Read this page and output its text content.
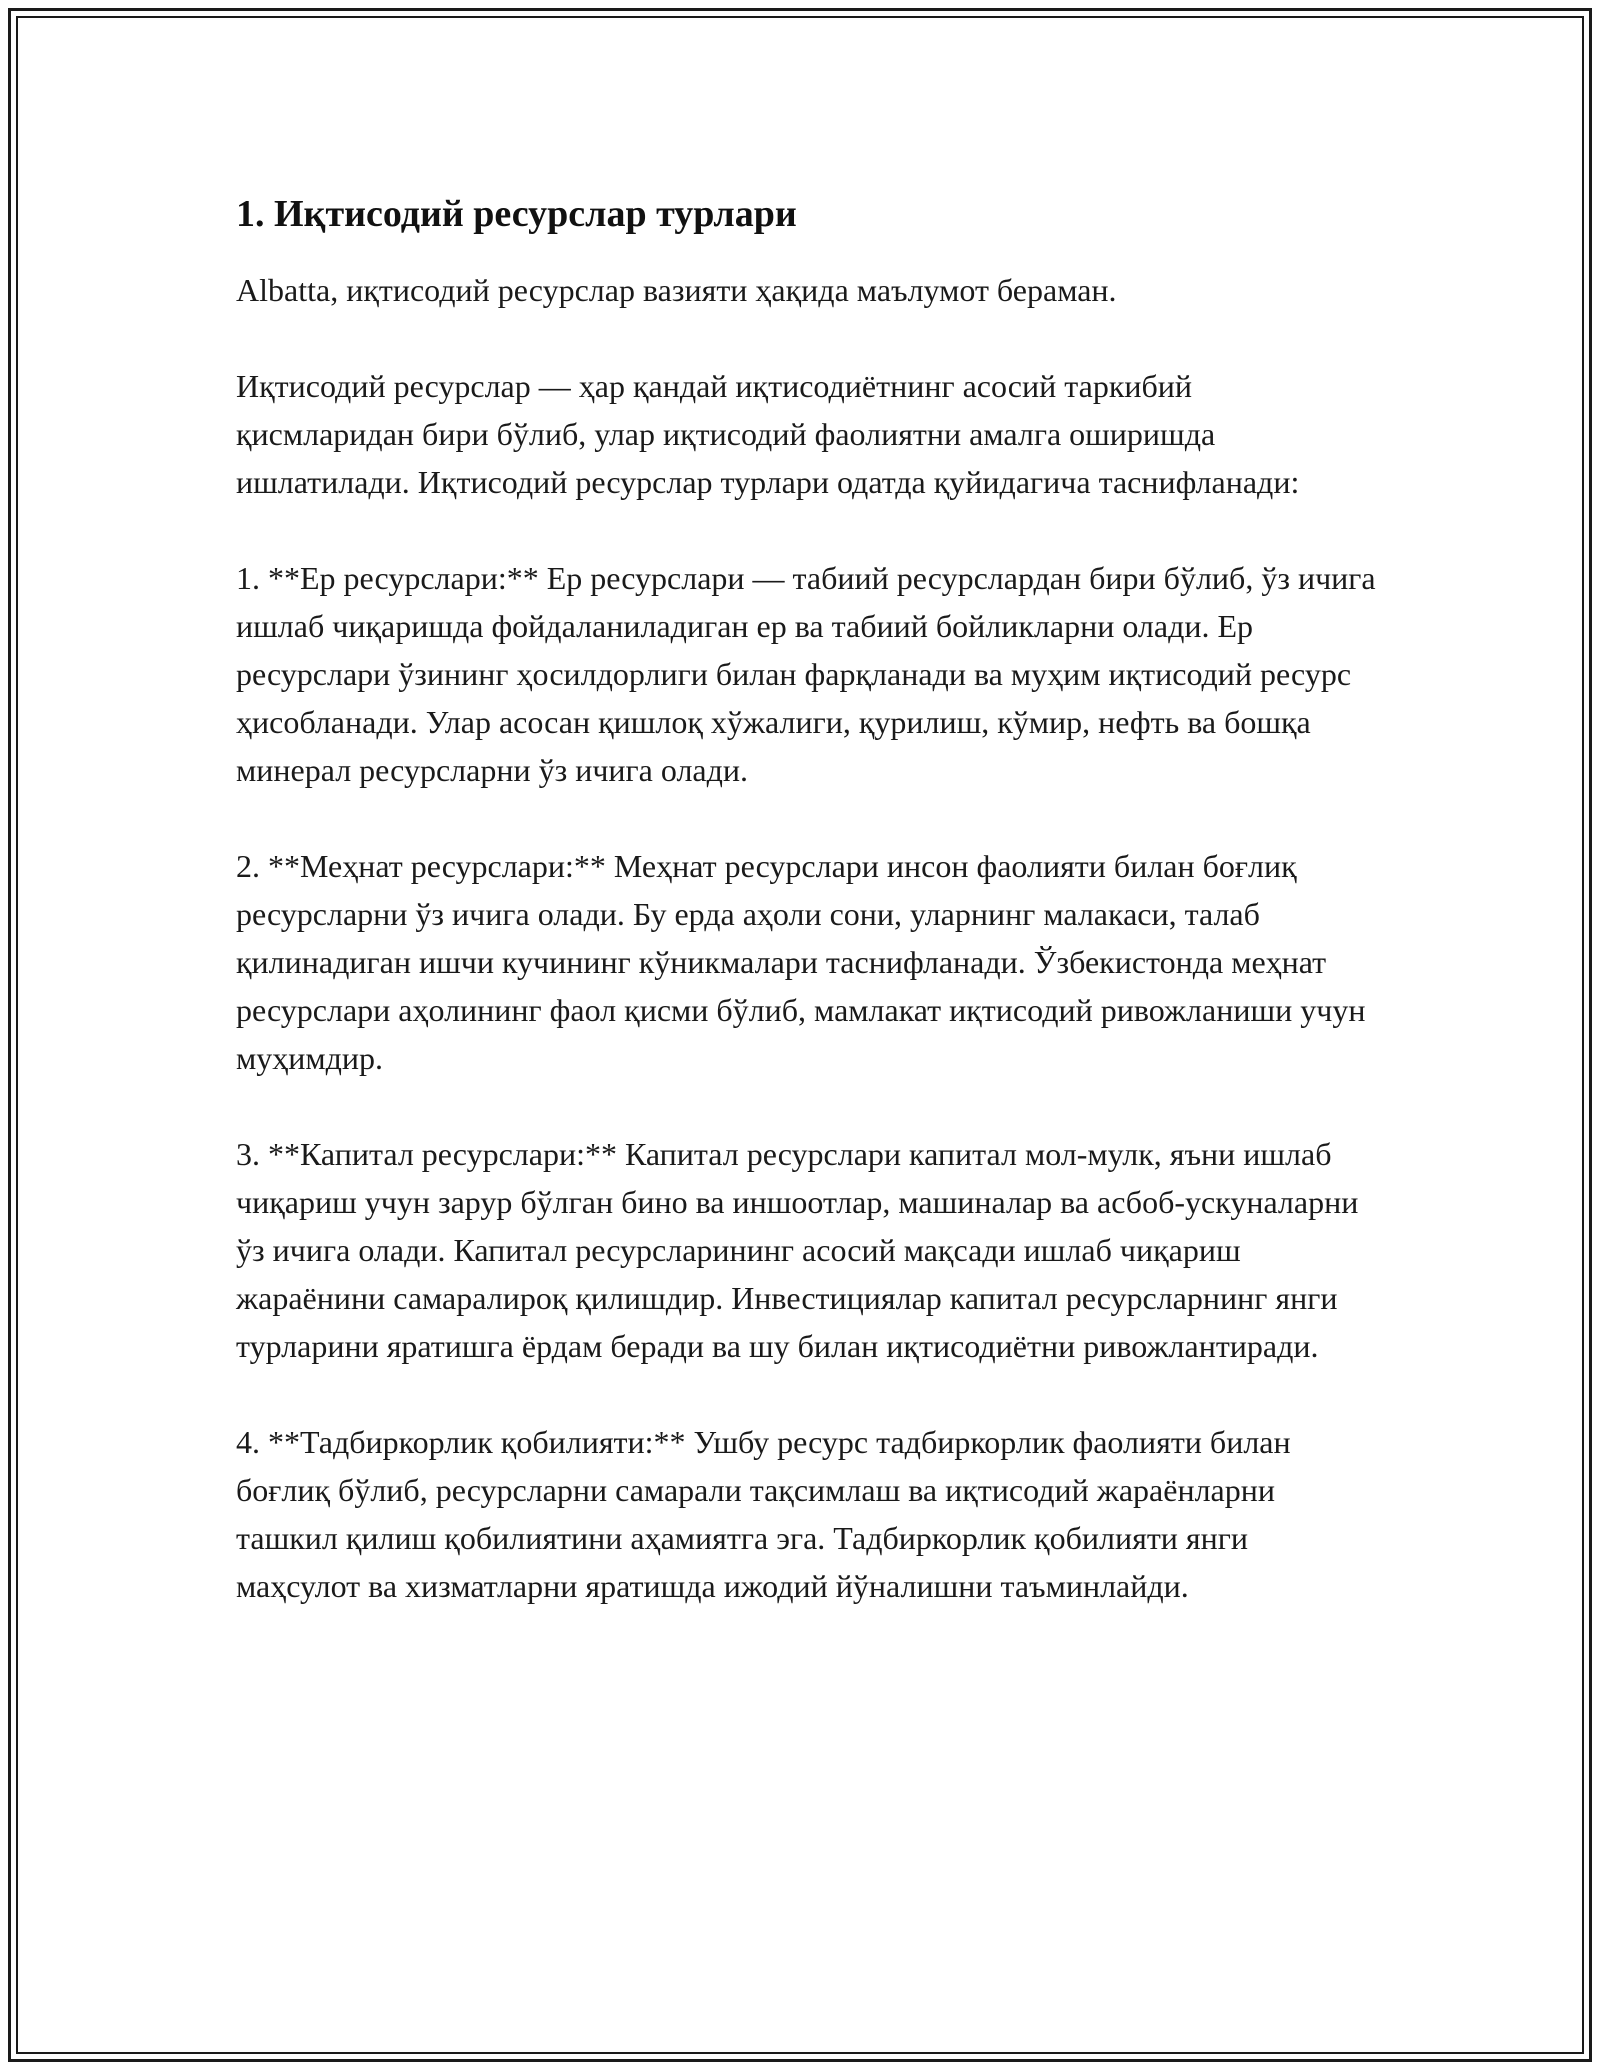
1. Иқтисодий ресурслар турлари

Albatta, иқтисодий ресурслар вазияти ҳақида маълумот бераман.

Иқтисодий ресурслар — ҳар қандай иқтисодиётнинг асосий таркибий қисмларидан бири бўлиб, улар иқтисодий фаолиятни амалга оширишда ишлатилади. Иқтисодий ресурслар турлари одатда қуйидагича таснифланади:

1. **Ер ресурслари:** Ер ресурслари — табиий ресурслардан бири бўлиб, ўз ичига ишлаб чиқаришда фойдаланиладиган ер ва табиий бойликларни олади. Ер ресурслари ўзининг ҳосилдорлиги билан фарқланади ва муҳим иқтисодий ресурс ҳисобланади. Улар асосан қишлоқ хўжалиги, қурилиш, кўмир, нефть ва бошқа минерал ресурсларни ўз ичига олади.

2. **Меҳнат ресурслари:** Меҳнат ресурслари инсон фаолияти билан боғлиқ ресурсларни ўз ичига олади. Бу ерда аҳоли сони, уларнинг малакаси, талаб қилинадиган ишчи кучининг кўникмалари таснифланади. Ўзбекистонда меҳнат ресурслари аҳолининг фаол қисми бўлиб, мамлакат иқтисодий ривожланиши учун муҳимдир.

3. **Капитал ресурслари:** Капитал ресурслари капитал мол-мулк, яъни ишлаб чиқариш учун зарур бўлган бино ва иншоотлар, машиналар ва асбоб-ускуналарни ўз ичига олади. Капитал ресурсларининг асосий мақсади ишлаб чиқариш жараёнини самаралироқ қилишдир. Инвестициялар капитал ресурсларнинг янги турларини яратишга ёрдам беради ва шу билан иқтисодиётни ривожлантиради.

4. **Тадбиркорлик қобилияти:** Ушбу ресурс тадбиркорлик фаолияти билан боғлиқ бўлиб, ресурсларни самарали тақсимлаш ва иқтисодий жараёнларни ташкил қилиш қобилиятини аҳамиятга эга. Тадбиркорлик қобилияти янги маҳсулот ва хизматларни яратишда ижодий йўналишни таъминлайди.
